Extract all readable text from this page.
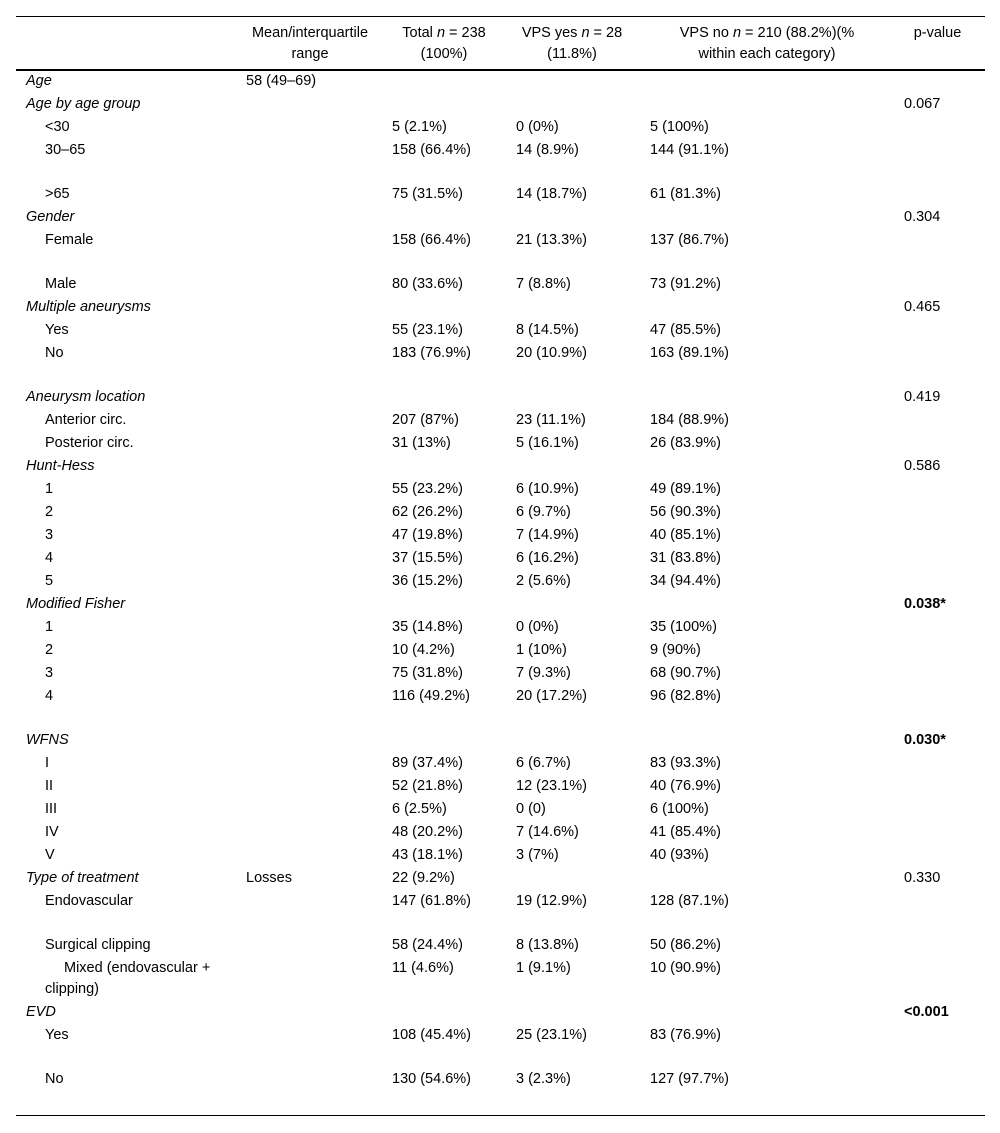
	Mean/interquartile range	Total n = 238 (100%)	VPS yes n = 28 (11.8%)	VPS no n = 210 (88.2%)(% within each category)	p-value
Age	58 (49–69)				
Age by age group					0.067
<30		5 (2.1%)	0 (0%)	5 (100%)	
30–65		158 (66.4%)	14 (8.9%)	144 (91.1%)	
>65		75 (31.5%)	14 (18.7%)	61 (81.3%)	
Gender					0.304
Female		158 (66.4%)	21 (13.3%)	137 (86.7%)	
Male		80 (33.6%)	7 (8.8%)	73 (91.2%)	
Multiple aneurysms					0.465
Yes		55 (23.1%)	8 (14.5%)	47 (85.5%)	
No		183 (76.9%)	20 (10.9%)	163 (89.1%)	
Aneurysm location					0.419
Anterior circ.		207 (87%)	23 (11.1%)	184 (88.9%)	
Posterior circ.		31 (13%)	5 (16.1%)	26 (83.9%)	
Hunt-Hess					0.586
1		55 (23.2%)	6 (10.9%)	49 (89.1%)	
2		62 (26.2%)	6 (9.7%)	56 (90.3%)	
3		47 (19.8%)	7 (14.9%)	40 (85.1%)	
4		37 (15.5%)	6 (16.2%)	31 (83.8%)	
5		36 (15.2%)	2 (5.6%)	34 (94.4%)	
Modified Fisher					0.038*
1		35 (14.8%)	0 (0%)	35 (100%)	
2		10 (4.2%)	1 (10%)	9 (90%)	
3		75 (31.8%)	7 (9.3%)	68 (90.7%)	
4		116 (49.2%)	20 (17.2%)	96 (82.8%)	
WFNS					0.030*
I		89 (37.4%)	6 (6.7%)	83 (93.3%)	
II		52 (21.8%)	12 (23.1%)	40 (76.9%)	
III		6 (2.5%)	0 (0)	6 (100%)	
IV		48 (20.2%)	7 (14.6%)	41 (85.4%)	
V		43 (18.1%)	3 (7%)	40 (93%)	
Type of treatment	Losses	22 (9.2%)			0.330
Endovascular		147 (61.8%)	19 (12.9%)	128 (87.1%)	
Surgical clipping		58 (24.4%)	8 (13.8%)	50 (86.2%)	
Mixed (endovascular + clipping)		11 (4.6%)	1 (9.1%)	10 (90.9%)	
EVD					<0.001
Yes		108 (45.4%)	25 (23.1%)	83 (76.9%)	
No		130 (54.6%)	3 (2.3%)	127 (97.7%)	
